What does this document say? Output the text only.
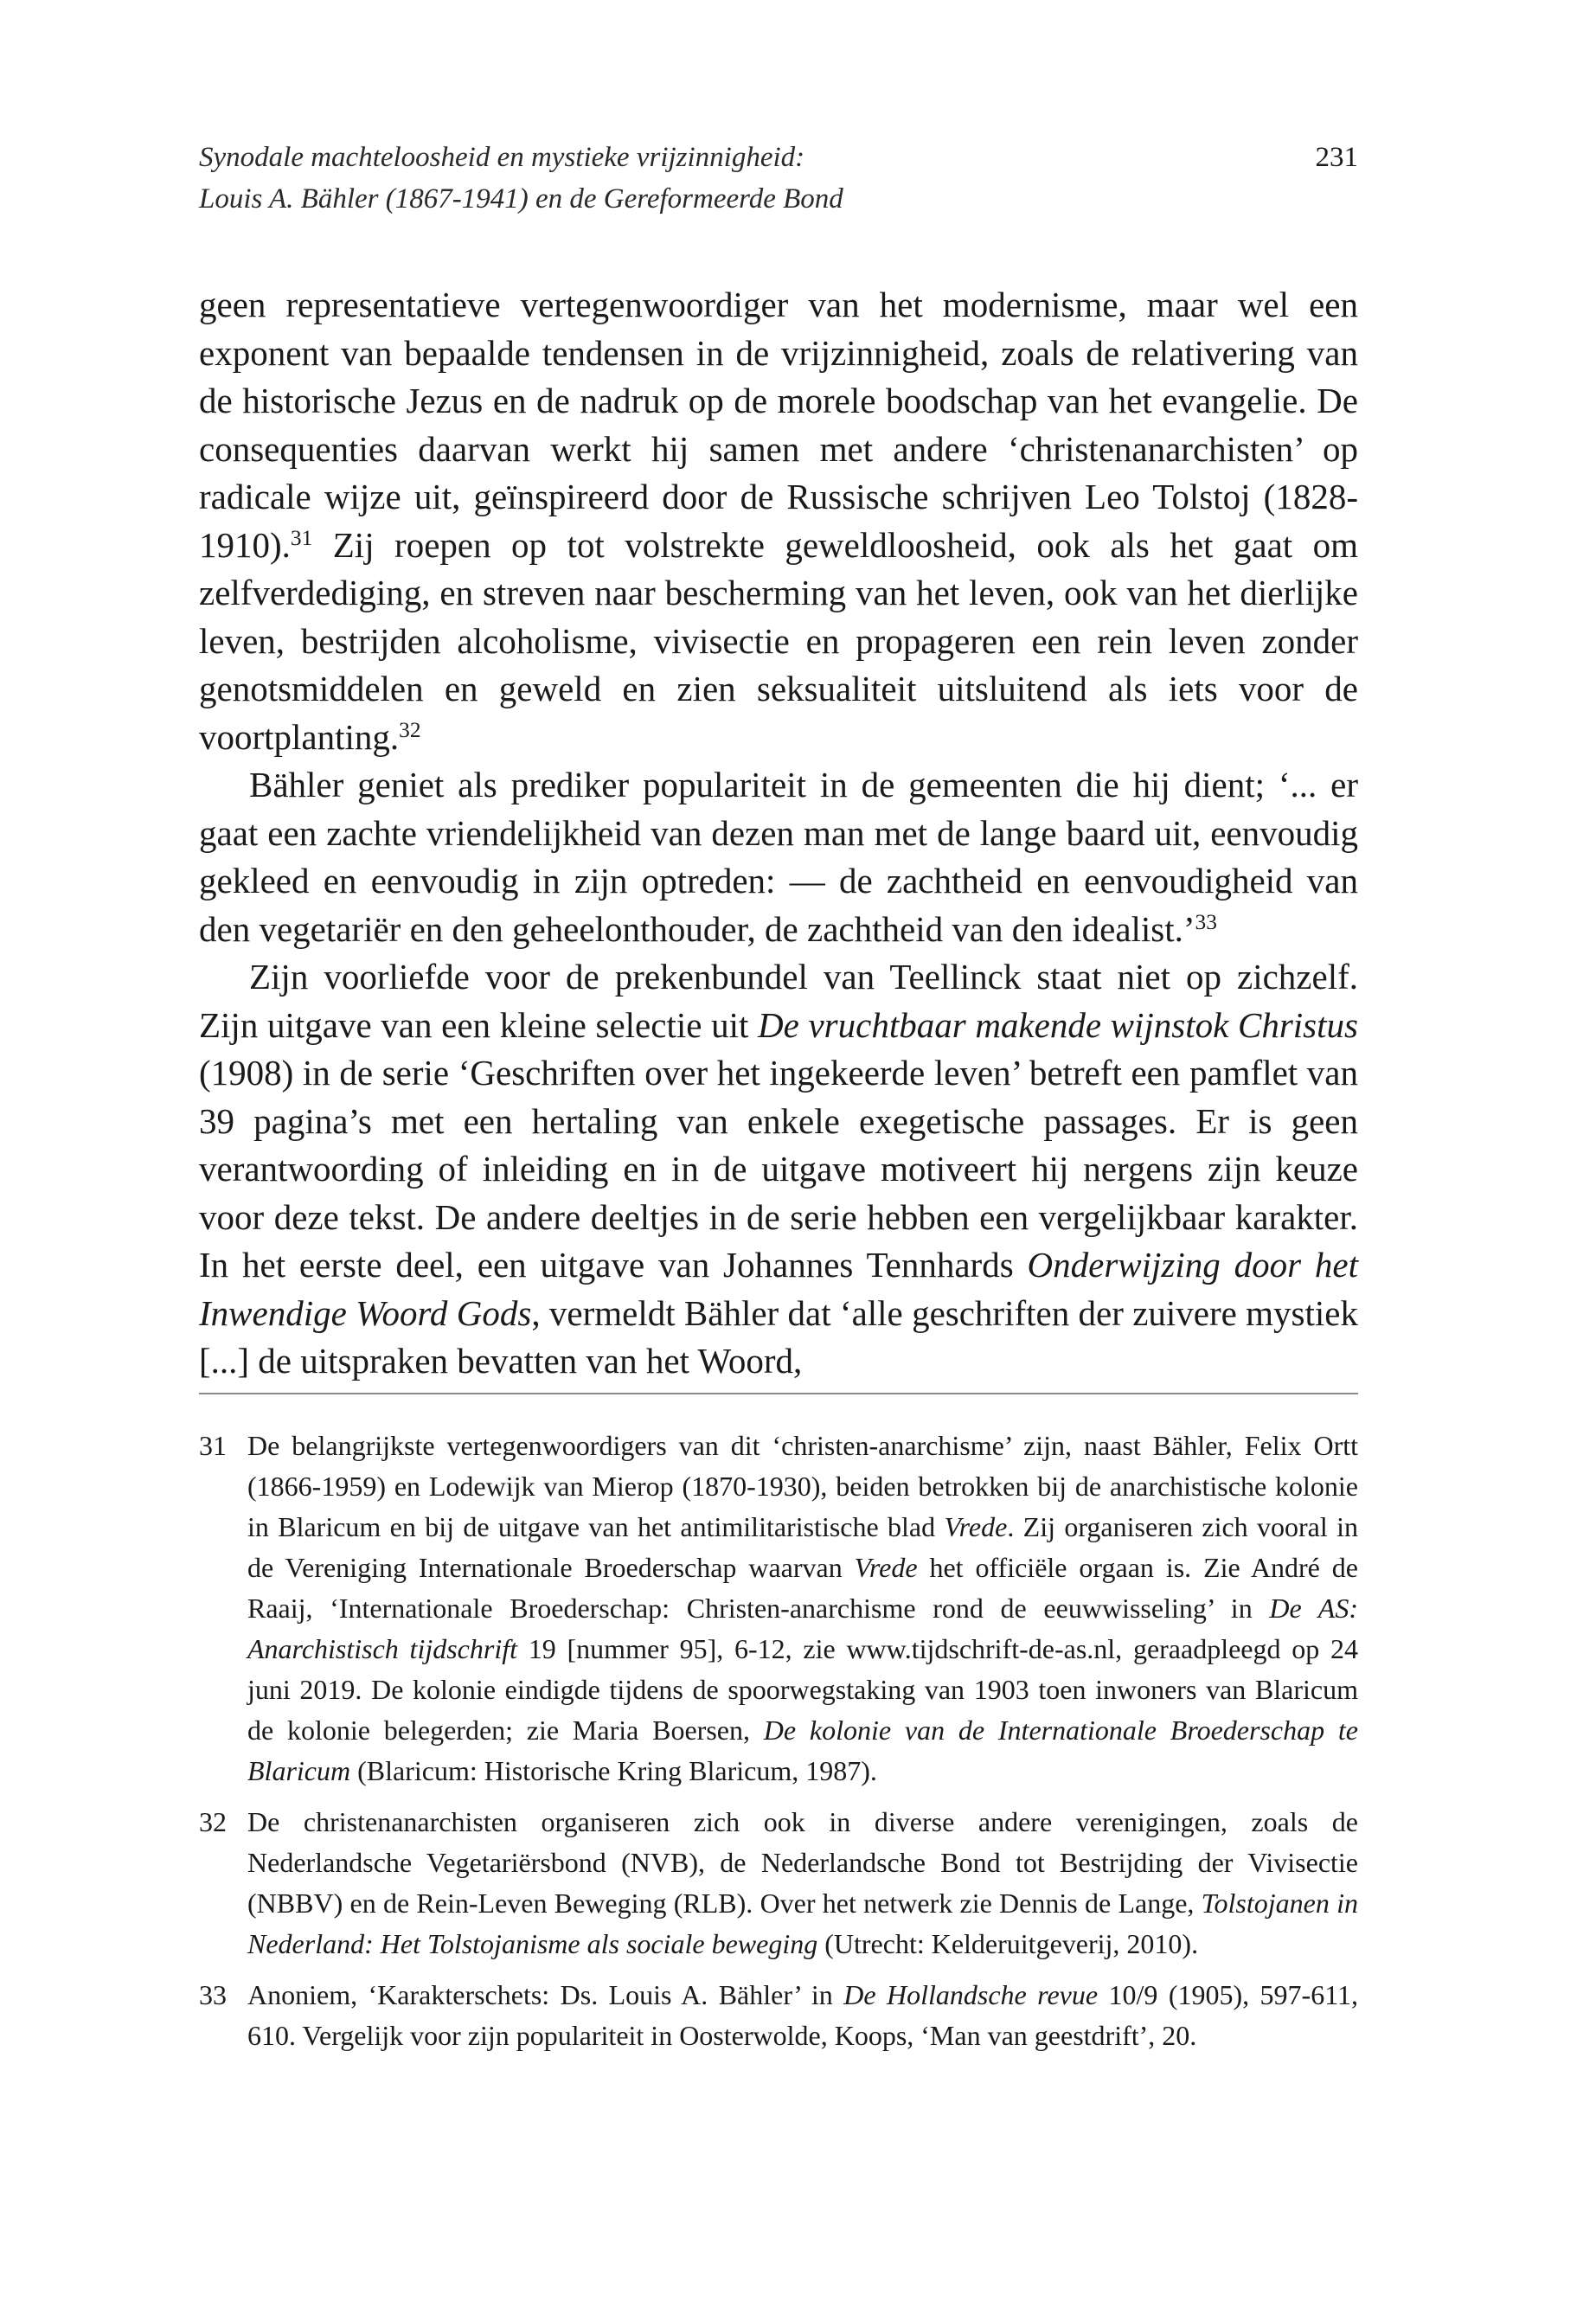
Synodale machteloosheid en mystieke vrijzinnigheid:
Louis A. Bähler (1867-1941) en de Gereformeerde Bond
231

geen representatieve vertegenwoordiger van het modernisme, maar wel een exponent van bepaalde tendensen in de vrijzinnigheid, zoals de relativering van de historische Jezus en de nadruk op de morele boodschap van het evangelie. De consequenties daarvan werkt hij samen met andere ‘christenanarchisten’ op radicale wijze uit, geïnspireerd door de Russische schrijven Leo Tolstoj (1828-1910).$^{31}$ Zij roepen op tot volstrekte geweldloosheid, ook als het gaat om zelfverdediging, en streven naar bescherming van het leven, ook van het dierlijke leven, bestrijden alcoholisme, vivisectie en propageren een rein leven zonder genotsmiddelen en geweld en zien seksualiteit uitsluitend als iets voor de voortplanting.$^{32}$

Bähler geniet als prediker populariteit in de gemeenten die hij dient; ‘... er gaat een zachte vriendelijkheid van dezen man met de lange baard uit, eenvoudig gekleed en eenvoudig in zijn optreden: — de zachtheid en eenvoudigheid van den vegetariër en den geheelonthouder, de zachtheid van den idealist.’$^{33}$

Zijn voorliefde voor de prekenbundel van Teellinck staat niet op zichzelf. Zijn uitgave van een kleine selectie uit De vruchtbaar makende wijnstok Christus (1908) in de serie ‘Geschriften over het ingekeerde leven’ betreft een pamflet van 39 pagina’s met een hertaling van enkele exegetische passages. Er is geen verantwoording of inleiding en in de uitgave motiveert hij nergens zijn keuze voor deze tekst. De andere deeltjes in de serie hebben een vergelijkbaar karakter. In het eerste deel, een uitgave van Johannes Tennhards Onderwijzing door het Inwendige Woord Gods, vermeldt Bähler dat ‘alle geschriften der zuivere mystiek [...] de uitspraken bevatten van het Woord,

31 De belangrijkste vertegenwoordigers van dit ‘christen-anarchisme’ zijn, naast Bähler, Felix Ortt (1866-1959) en Lodewijk van Mierop (1870-1930), beiden betrokken bij de anarchistische kolonie in Blaricum en bij de uitgave van het antimilitaristische blad Vrede. Zij organiseren zich vooral in de Vereniging Internationale Broederschap waarvan Vrede het officiële orgaan is. Zie André de Raaij, ‘Internationale Broederschap: Christen-anarchisme rond de eeuwwisseling’ in De AS: Anarchistisch tijdschrift 19 [nummer 95], 6-12, zie www.tijdschrift-de-as.nl, geraadpleegd op 24 juni 2019. De kolonie eindigde tijdens de spoorwegstaking van 1903 toen inwoners van Blaricum de kolonie belegerden; zie Maria Boersen, De kolonie van de Internationale Broederschap te Blaricum (Blaricum: Historische Kring Blaricum, 1987).
32 De christenanarchisten organiseren zich ook in diverse andere verenigingen, zoals de Nederlandsche Vegetariërsbond (NVB), de Nederlandsche Bond tot Bestrijding der Vivisectie (NBBV) en de Rein-Leven Beweging (RLB). Over het netwerk zie Dennis de Lange, Tolstojanen in Nederland: Het Tolstojanisme als sociale beweging (Utrecht: Kelderuitgeverij, 2010).
33 Anoniem, ‘Karakterschets: Ds. Louis A. Bähler’ in De Hollandsche revue 10/9 (1905), 597-611, 610. Vergelijk voor zijn populariteit in Oosterwolde, Koops, ‘Man van geestdrift’, 20.
